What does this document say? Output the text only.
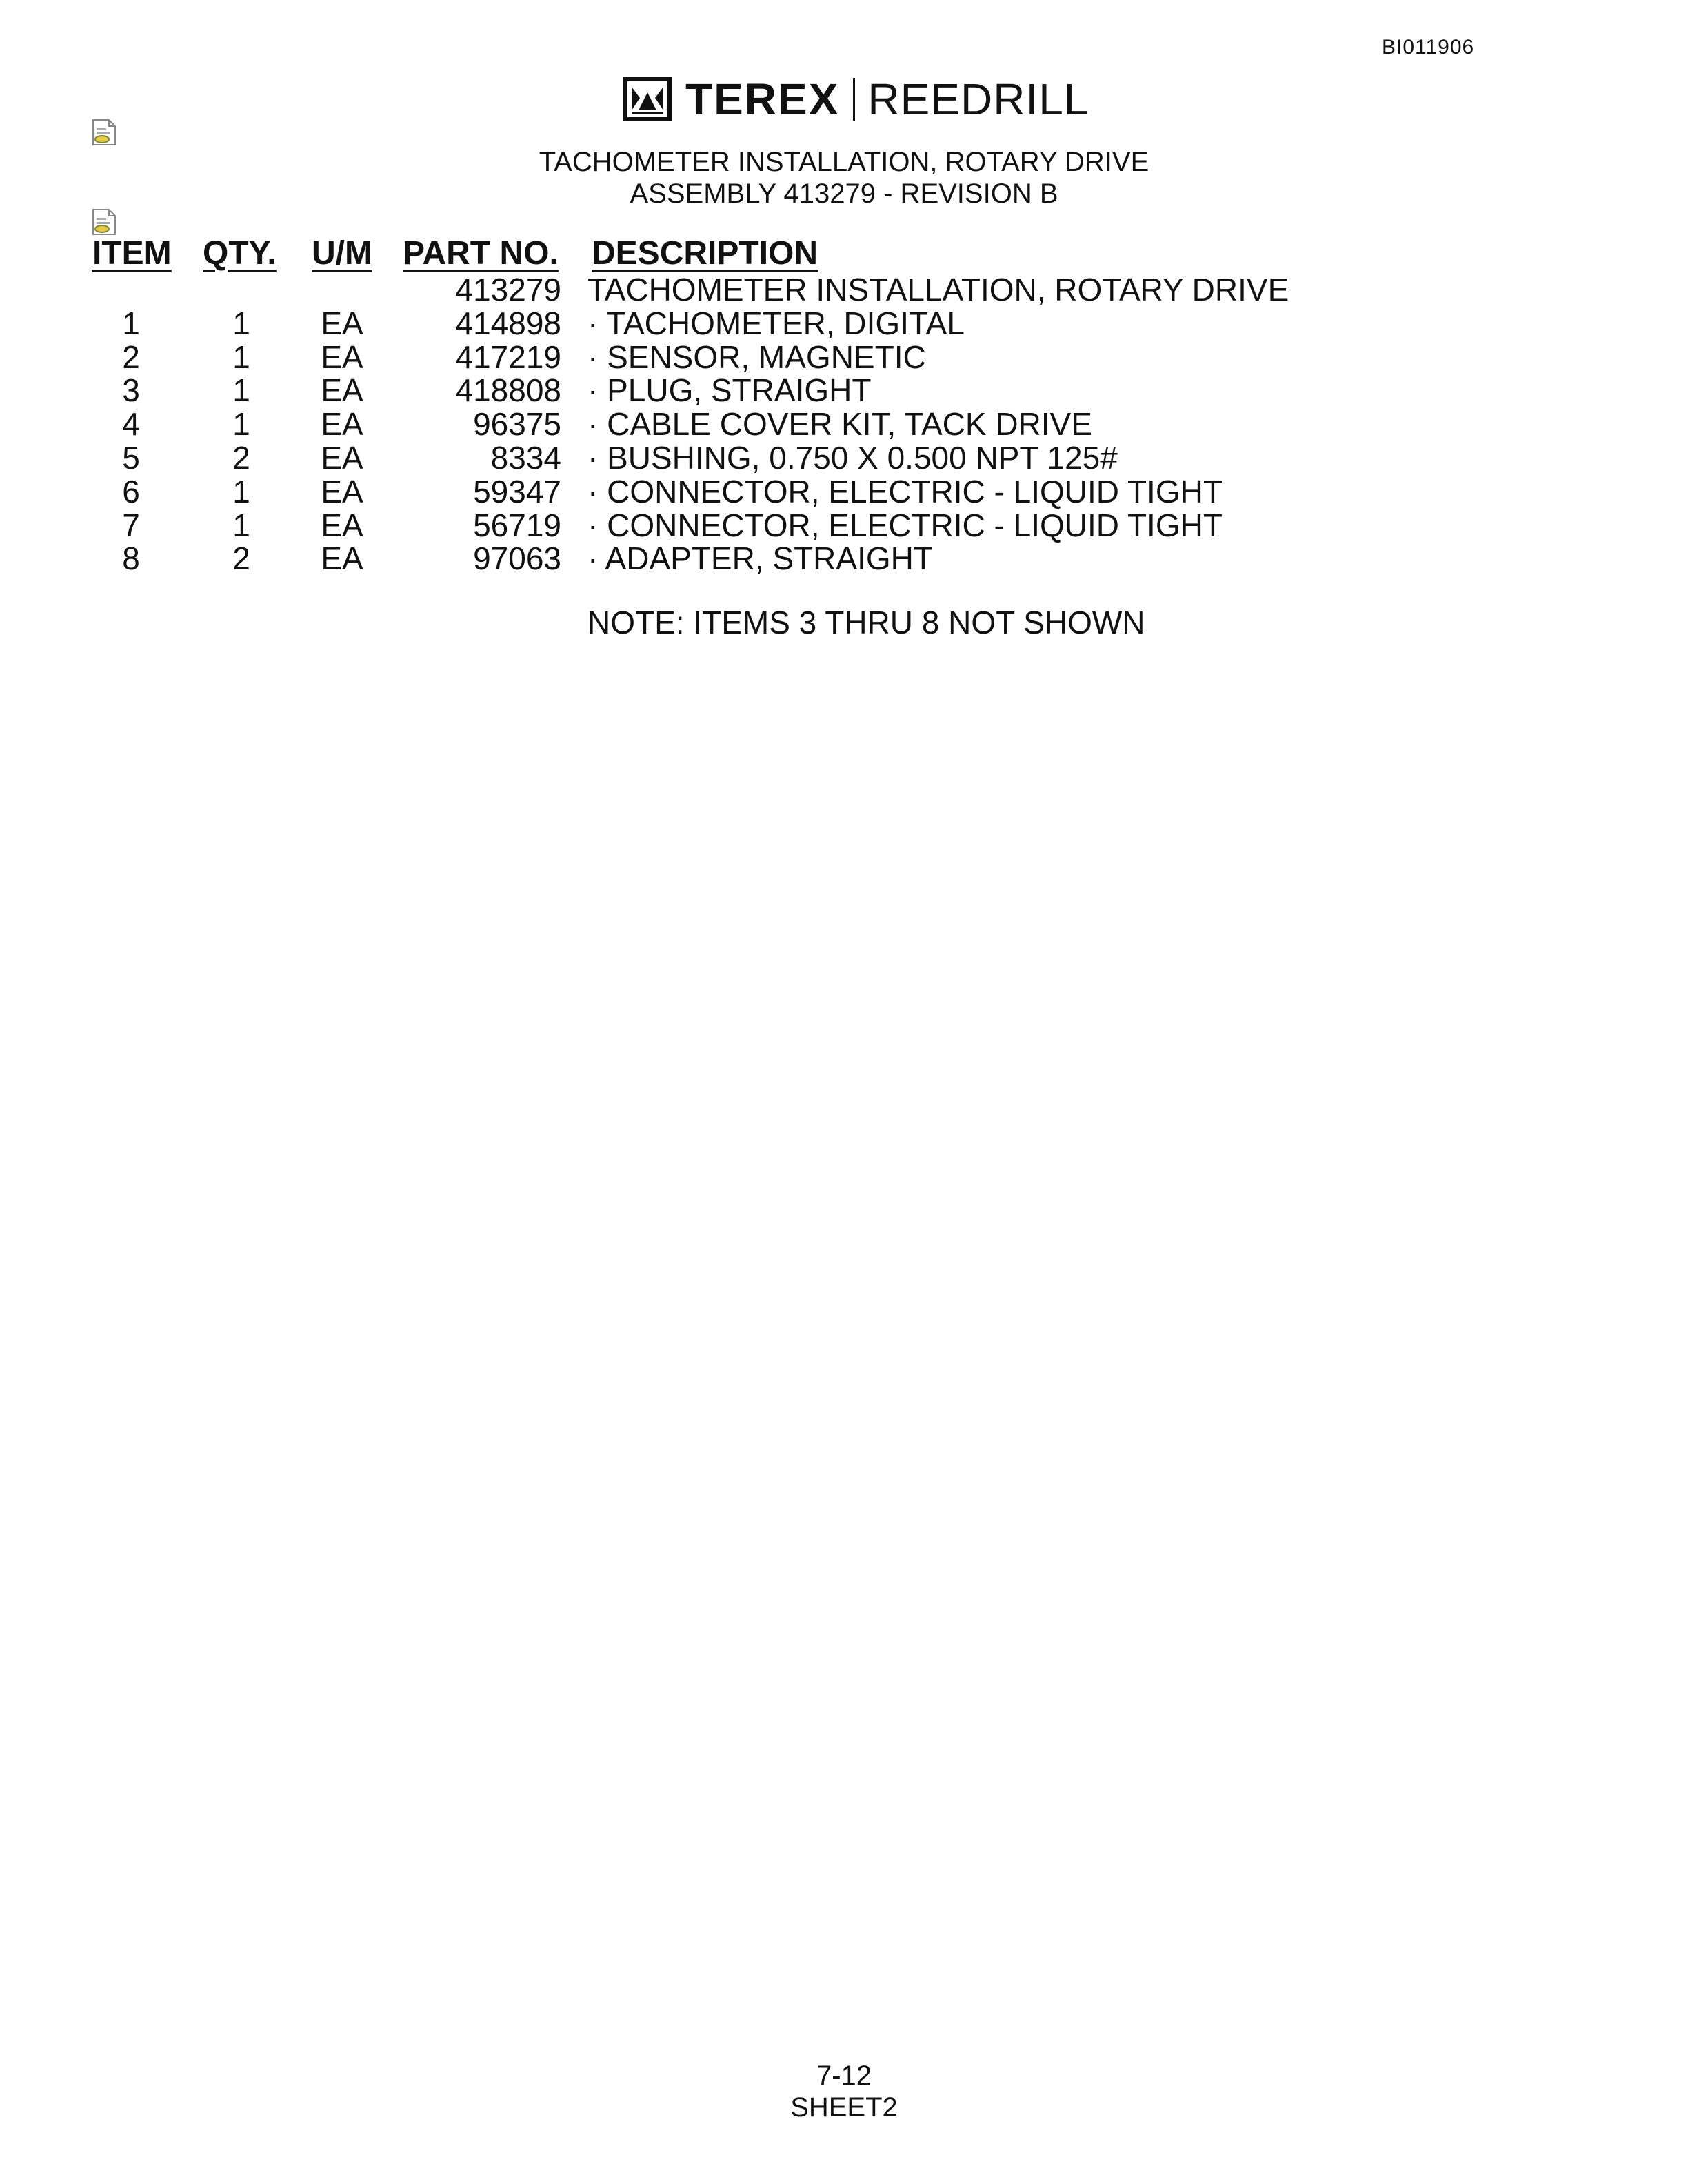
BI011906
TEREX REEDRILL
TACHOMETER INSTALLATION, ROTARY DRIVE
ASSEMBLY 413279 - REVISION B
ITEM QTY. U/M PART NO. DESCRIPTION
413279 TACHOMETER INSTALLATION, ROTARY DRIVE
1	1	EA	414898 · TACHOMETER, DIGITAL
2	1	EA	417219 · SENSOR, MAGNETIC
3	1	EA	418808 · PLUG, STRAIGHT
4	1	EA	96375 · CABLE COVER KIT, TACK DRIVE
5	2	EA	8334 · BUSHING, 0.750 X 0.500 NPT 125#
6	1	EA	59347 · CONNECTOR, ELECTRIC - LIQUID TIGHT
7	1	EA	56719 · CONNECTOR, ELECTRIC - LIQUID TIGHT
8	2	EA	97063 · ADAPTER, STRAIGHT
NOTE: ITEMS 3 THRU 8 NOT SHOWN
7-12
SHEET2
